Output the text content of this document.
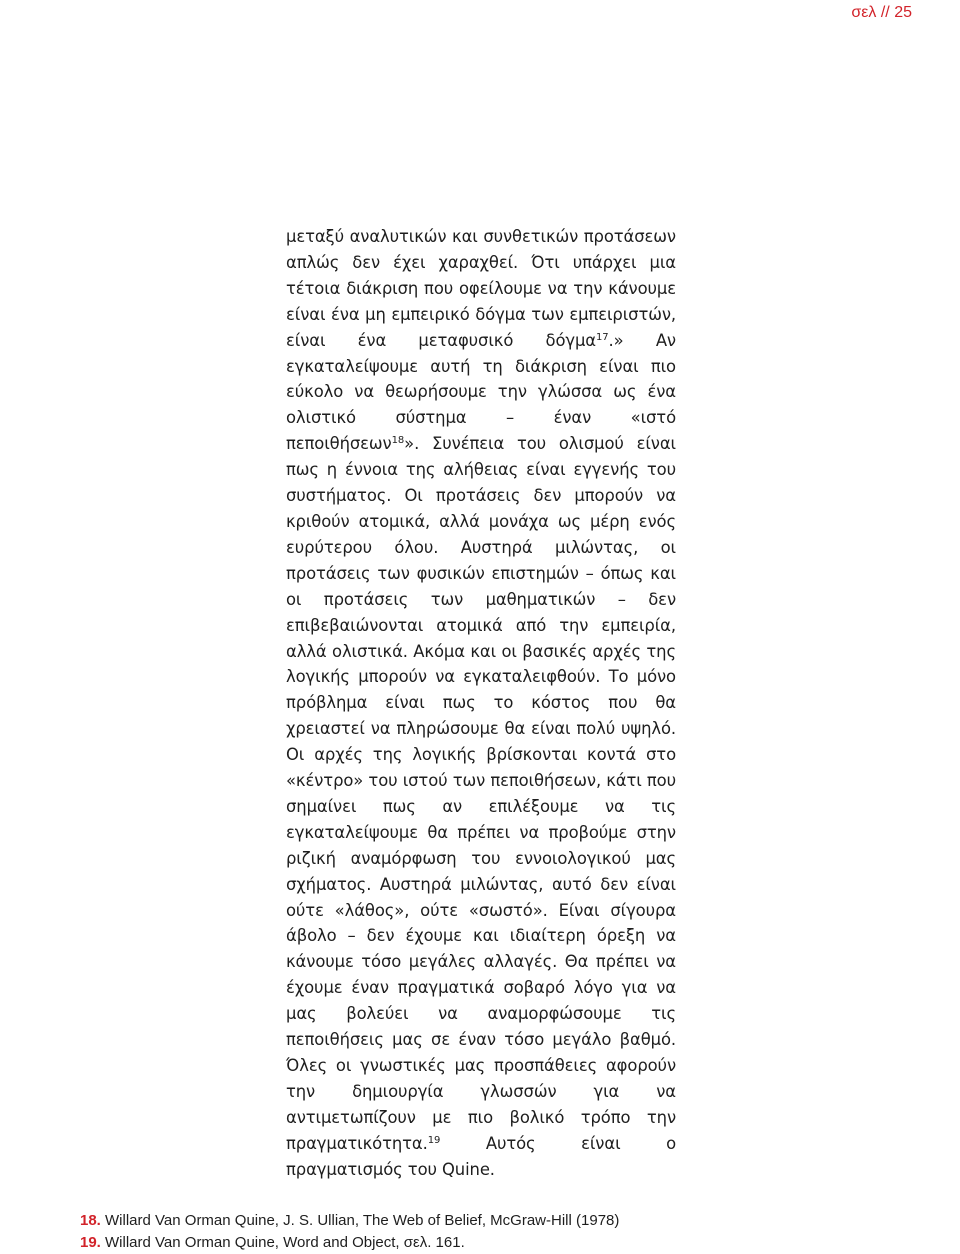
σελ // 25
μεταξύ αναλυτικών και συνθετικών προτάσεων απλώς δεν έχει χαραχθεί. Ότι υπάρχει μια τέτοια διάκριση που οφείλουμε να την κάνουμε είναι ένα μη εμπειρικό δόγμα των εμπειριστών, είναι ένα μεταφυσικό δόγμα$^{17}$.» Αν εγκαταλείψουμε αυτή τη διάκριση είναι πιο εύκολο να θεωρήσουμε την γλώσσα ως ένα ολιστικό σύστημα – έναν «ιστό πεποιθήσεων$^{18}$». Συνέπεια του ολισμού είναι πως η έννοια της αλήθειας είναι εγγενής του συστήματος. Οι προτάσεις δεν μπορούν να κριθούν ατομικά, αλλά μονάχα ως μέρη ενός ευρύτερου όλου. Αυστηρά μιλώντας, οι προτάσεις των φυσικών επιστημών – όπως και οι προτάσεις των μαθηματικών – δεν επιβεβαιώνονται ατομικά από την εμπειρία, αλλά ολιστικά. Ακόμα και οι βασικές αρχές της λογικής μπορούν να εγκαταλειφθούν. Το μόνο πρόβλημα είναι πως το κόστος που θα χρειαστεί να πληρώσουμε θα είναι πολύ υψηλό. Οι αρχές της λογικής βρίσκονται κοντά στο «κέντρο» του ιστού των πεποιθήσεων, κάτι που σημαίνει πως αν επιλέξουμε να τις εγκαταλείψουμε θα πρέπει να προβούμε στην ριζική αναμόρφωση του εννοιολογικού μας σχήματος. Αυστηρά μιλώντας, αυτό δεν είναι ούτε «λάθος», ούτε «σωστό». Είναι σίγουρα άβολο – δεν έχουμε και ιδιαίτερη όρεξη να κάνουμε τόσο μεγάλες αλλαγές. Θα πρέπει να έχουμε έναν πραγματικά σοβαρό λόγο για να μας βολεύει να αναμορφώσουμε τις πεποιθήσεις μας σε έναν τόσο μεγάλο βαθμό. Όλες οι γνωστικές μας προσπάθειες αφορούν την δημιουργία γλωσσών για να αντιμετωπίζουν με πιο βολικό τρόπο την πραγματικότητα.$^{19}$ Αυτός είναι ο πραγματισμός του Quine.
18. Willard Van Orman Quine, J. S. Ullian, The Web of Belief, McGraw-Hill (1978)
19. Willard Van Orman Quine, Word and Object, σελ. 161.
